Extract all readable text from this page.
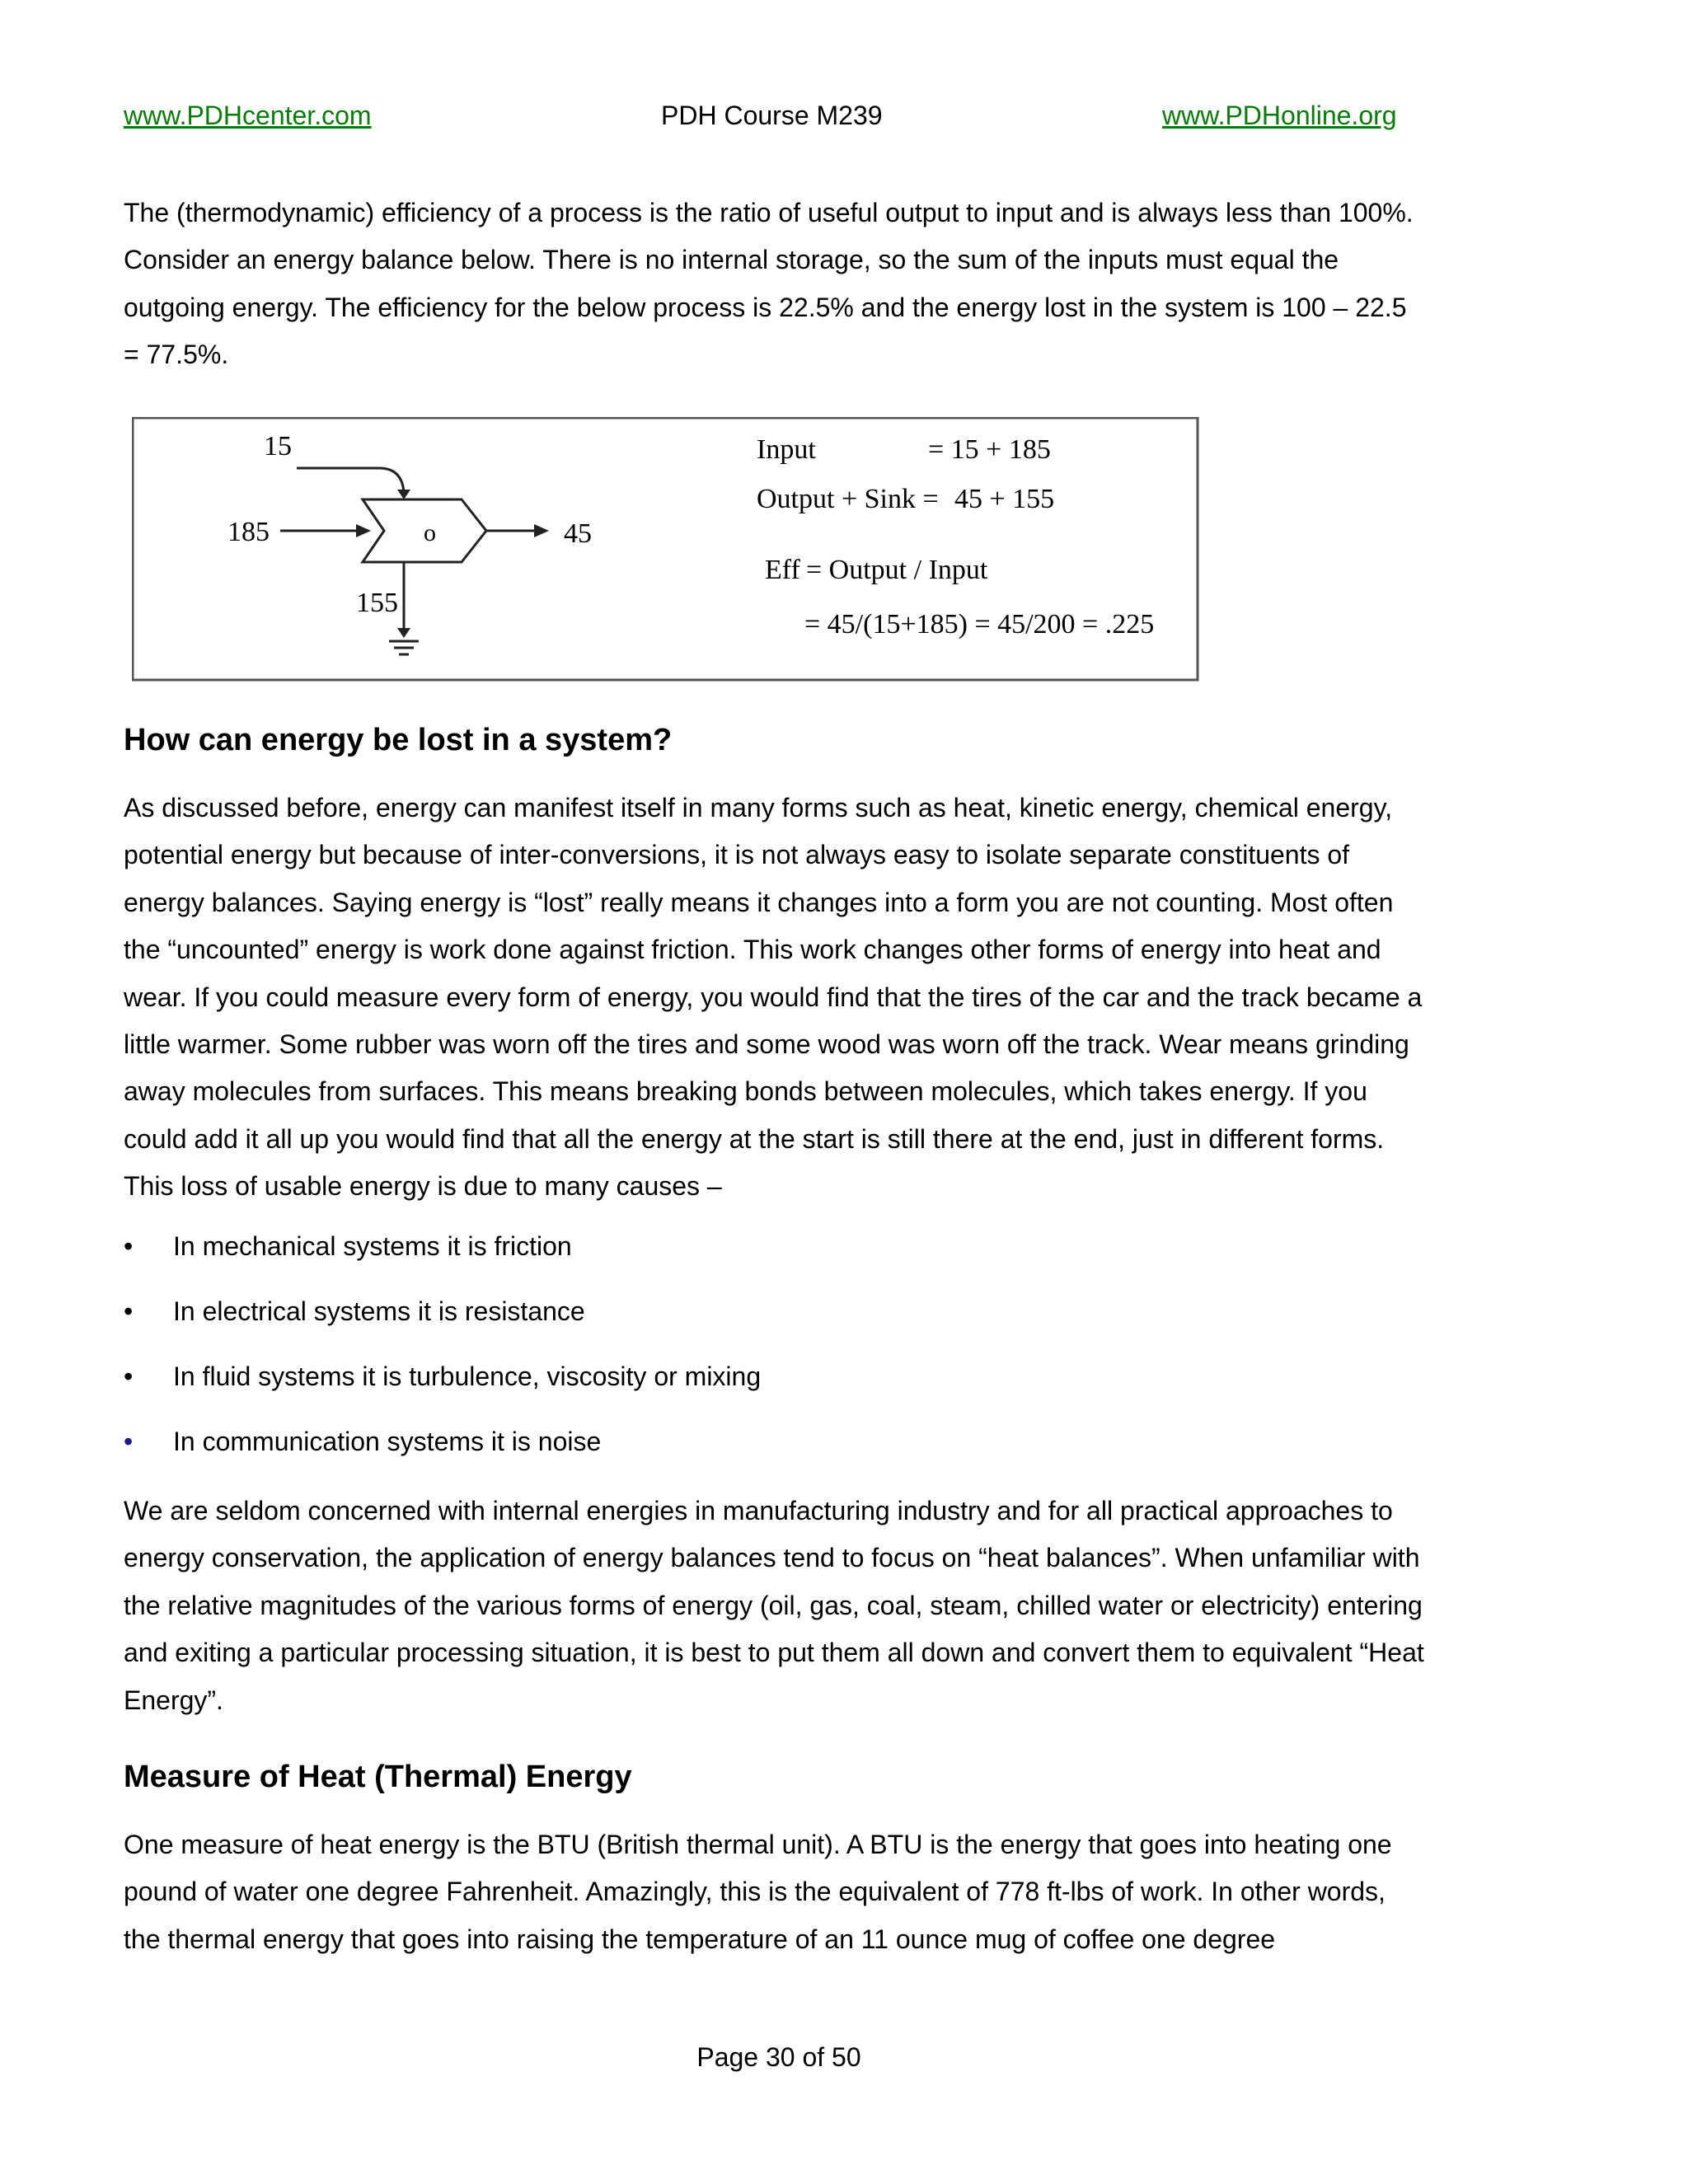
www.PDHcenter.com	PDH Course M239	www.PDHonline.org

The (thermodynamic) efficiency of a process is the ratio of useful output to input and is always less than 100%. Consider an energy balance below. There is no internal storage, so the sum of the inputs must equal the outgoing energy. The efficiency for the below process is 22.5% and the energy lost in the system is 100 – 22.5 = 77.5%.

15
185	45
155
o
Input	= 15 + 185
Output + Sink = 45 + 155
Eff = Output / Input
= 45/(15+185) = 45/200 = .225
How can energy be lost in a system?

As discussed before, energy can manifest itself in many forms such as heat, kinetic energy, chemical energy, potential energy but because of inter-conversions, it is not always easy to isolate separate constituents of energy balances. Saying energy is “lost” really means it changes into a form you are not counting. Most often the “uncounted” energy is work done against friction. This work changes other forms of energy into heat and wear. If you could measure every form of energy, you would find that the tires of the car and the track became a little warmer. Some rubber was worn off the tires and some wood was worn off the track. Wear means grinding away molecules from surfaces. This means breaking bonds between molecules, which takes energy. If you could add it all up you would find that all the energy at the start is still there at the end, just in different forms. This loss of usable energy is due to many causes –

•	In mechanical systems it is friction
•	In electrical systems it is resistance
•	In fluid systems it is turbulence, viscosity or mixing
•	In communication systems it is noise

We are seldom concerned with internal energies in manufacturing industry and for all practical approaches to energy conservation, the application of energy balances tend to focus on “heat balances”. When unfamiliar with the relative magnitudes of the various forms of energy (oil, gas, coal, steam, chilled water or electricity) entering and exiting a particular processing situation, it is best to put them all down and convert them to equivalent “Heat Energy”.

Measure of Heat (Thermal) Energy

One measure of heat energy is the BTU (British thermal unit). A BTU is the energy that goes into heating one pound of water one degree Fahrenheit. Amazingly, this is the equivalent of 778 ft-lbs of work. In other words, the thermal energy that goes into raising the temperature of an 11 ounce mug of coffee one degree

Page 30 of 50
